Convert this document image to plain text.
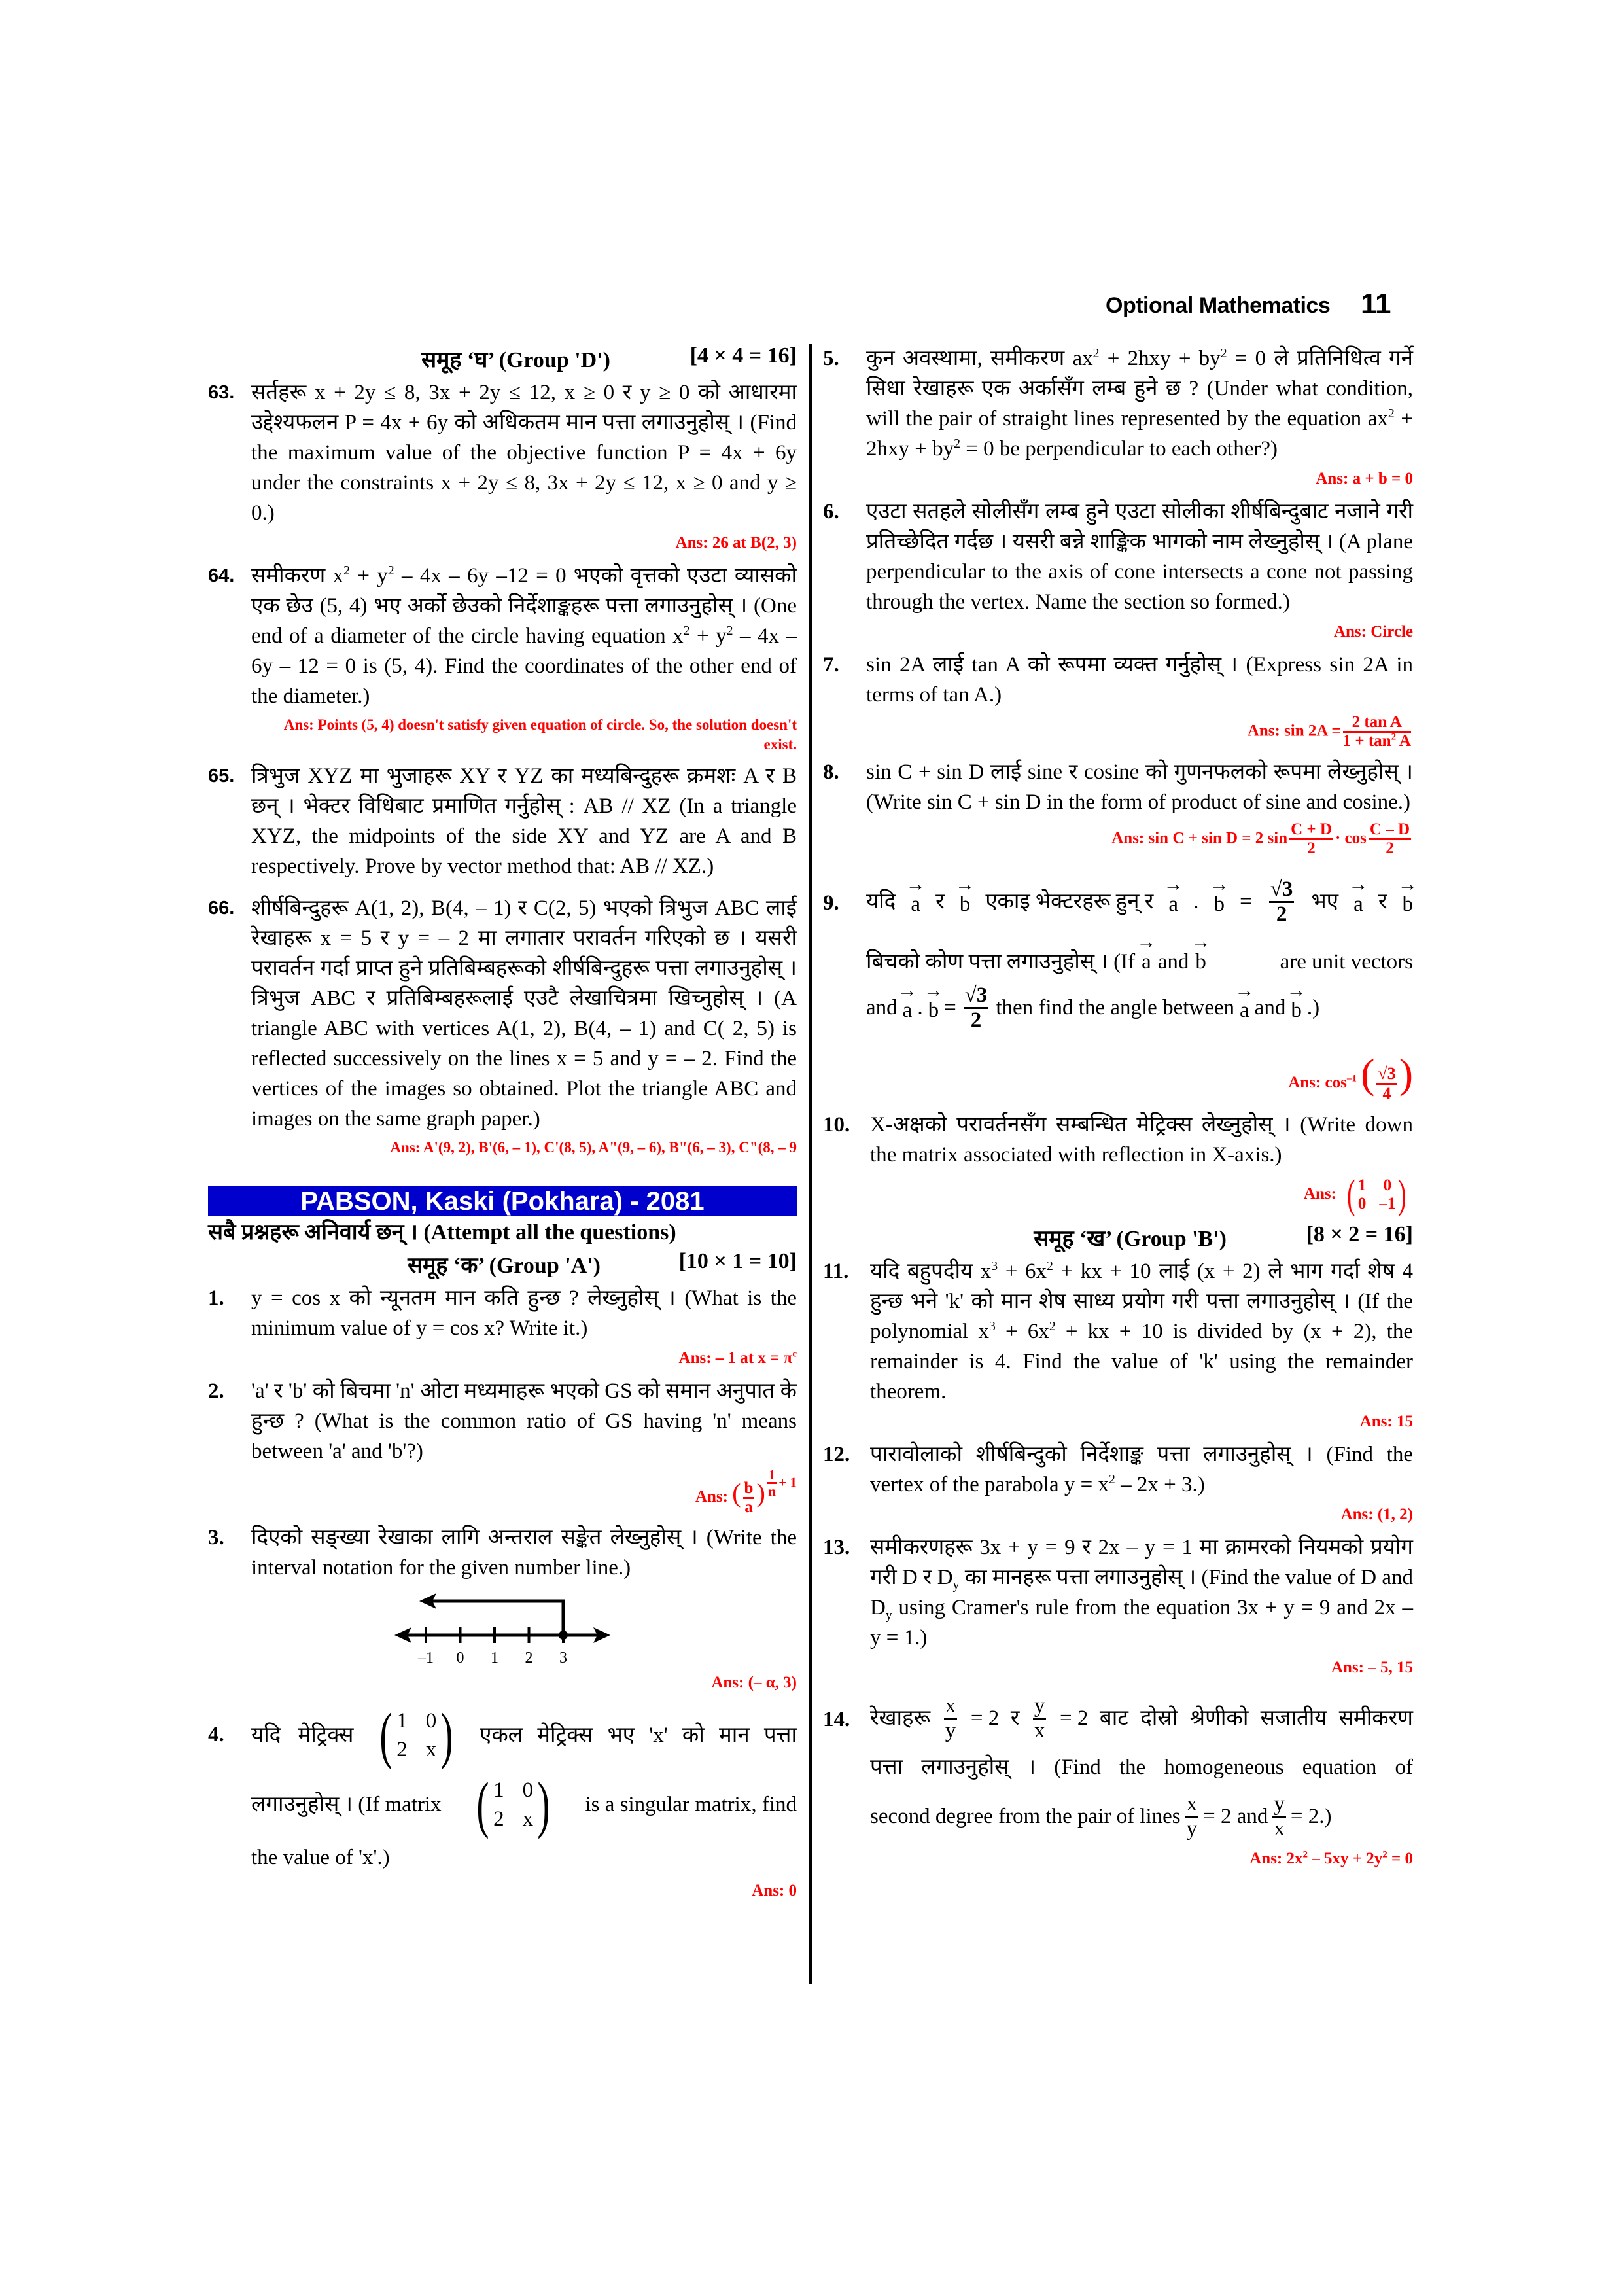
Optional Mathematics 11
समूह ‘घ’ (Group 'D')	[4 × 4 = 16]
63. सर्तहरू x + 2y ≤ 8, 3x + 2y ≤ 12, x ≥ 0 र y ≥ 0 को आधारमा उद्देश्यफलन P = 4x + 6y को अधिकतम मान पत्ता लगाउनुहोस् । (Find the maximum value of the objective function P = 4x + 6y under the constraints x + 2y ≤ 8, 3x + 2y ≤ 12, x ≥ 0 and y ≥ 0.)
Ans: 26 at B(2, 3)
64. समीकरण $x^2 + y^2 - 4x - 6y$ –12 = 0 भएको वृत्तको एउटा व्यासको एक छेउ (5, 4) भए अर्को छेउको निर्देशाङ्कहरू पत्ता लगाउनुहोस् । (One end of a diameter of the circle having equation $x^2 + y^2 - 4x - 6y - 12 = 0$ is (5, 4). Find the coordinates of the other end of the diameter.)
Ans: Points (5, 4) doesn't satisfy given equation of circle. So, the solution doesn't exist.
65. त्रिभुज XYZ मा भुजाहरू XY र YZ का मध्यबिन्दुहरू क्रमशः A र B छन् । भेक्टर विधिबाट प्रमाणित गर्नुहोस् : AB // XZ (In a triangle XYZ, the midpoints of the side XY and YZ are A and B respectively. Prove by vector method that: AB // XZ.)
66. शीर्षबिन्दुहरू A(1, 2), B(4, – 1) र C(2, 5) भएको त्रिभुज ABC लाई रेखाहरू x = 5 र y = – 2 मा लगातार परावर्तन गरिएको छ । यसरी परावर्तन गर्दा प्राप्त हुने प्रतिबिम्बहरूको शीर्षबिन्दुहरू पत्ता लगाउनुहोस् । त्रिभुज ABC र प्रतिबिम्बहरूलाई एउटै लेखाचित्रमा खिच्नुहोस् । (A triangle ABC with vertices A(1, 2), B(4, – 1) and C( 2, 5) is reflected successively on the lines x = 5 and y = – 2. Find the vertices of the images so obtained. Plot the triangle ABC and images on the same graph paper.)
Ans: A'(9, 2), B'(6, – 1), C'(8, 5), A"(9, – 6), B"(6, – 3), C"(8, – 9
PABSON, Kaski (Pokhara) - 2081
सबै प्रश्नहरू अनिवार्य छन् । (Attempt all the questions)
समूह ‘क’ (Group 'A')	[10 × 1 = 10]
1. y = cos x को न्यूनतम मान कति हुन्छ ? लेख्नुहोस् । (What is the minimum value of y = cos x? Write it.)
Ans: – 1 at $x = \pi^c$
2. 'a' र 'b' को बिचमा 'n' ओटा मध्यमाहरू भएको GS को समान अनुपात के हुन्छ ? (What is the common ratio of GS having 'n' means between 'a' and 'b'?)
Ans: ( $\frac{b}{a}$ ) $\frac{1}{n} + 1$
3. दिएको सङ्ख्या रेखाका लागि अन्तराल सङ्केत लेख्नुहोस् । (Write the interval notation for the given number line.)
–1 0 1 2 3
Ans: (– α, 3)
4. यदि मेट्रिक्स ( 1 0
2 x ) एकल मेट्रिक्स भए 'x' को मान पत्ता
लगाउनुहोस् । (If matrix ( 1 0
2 x ) is a singular matrix, find
the value of 'x'.)
Ans: 0
5. कुन अवस्थामा, समीकरण $ax^2 + 2hxy + by^2 = 0$ ले प्रतिनिधित्व गर्ने सिधा रेखाहरू एक अर्कासँग लम्ब हुने छ ? (Under what condition, will the pair of straight lines represented by the equation $ax^2 + 2hxy + by^2 = 0$ be perpendicular to each other?)
Ans: a + b = 0
6. एउटा सतहले सोलीसँग लम्ब हुने एउटा सोलीका शीर्षबिन्दुबाट नजाने गरी प्रतिच्छेदित गर्दछ । यसरी बन्ने शाङ्किक भागको नाम लेख्नुहोस् । (A plane perpendicular to the axis of cone intersects a cone not passing through the vertex. Name the section so formed.)
Ans: Circle
7. sin 2A लाई tan A को रूपमा व्यक्त गर्नुहोस् । (Express sin 2A in terms of tan A.)
Ans: $\sin 2A = \frac{\text{2 tan A}}{1 + \tan^2 A}$
8. sin C + sin D लाई sine र cosine को गुणनफलको रूपमा लेख्नुहोस् । (Write sin C + sin D in the form of product of sine and cosine.)
Ans: sin C + sin D = 2 $\sin \frac{C + D}{2} \cdot \cos \frac{C - D}{2}$
9. यदि → a र → b एकाइ भेक्टरहरू हुन् र → a . → $b = \frac{√3}{2}$ भए → a र → b
बिचको कोण पत्ता लगाउनुहोस् । (If → a and → b	are unit vectors
and → a . → $b = \frac{√3}{2}$ then find the angle between → a and → b .)
Ans: $\cos^{-1}$ ( $\frac{√3}{4}$ )
10. X-अक्षको परावर्तनसँग सम्बन्धित मेट्रिक्स लेख्नुहोस् । (Write down the matrix associated with reflection in X-axis.)
Ans: ( 1 0
0 –1 )
समूह ‘ख’ (Group 'B')	[8 × 2 = 16]
11. यदि बहुपदीय $x^3 + 6x^2$ + kx + 10 लाई (x + 2) ले भाग गर्दा शेष 4 हुन्छ भने 'k' को मान शेष साध्य प्रयोग गरी पत्ता लगाउनुहोस् । (If the polynomial $x^3 + 6x^2$ + kx + 10 is divided by (x + 2), the remainder is 4. Find the value of 'k' using the remainder theorem.
Ans: 15
12. पारावोलाको शीर्षबिन्दुको निर्देशाङ्क पत्ता लगाउनुहोस् । (Find the vertex of the parabola $y = x^2 - 2x + 3$.)
Ans: (1, 2)
13. समीकरणहरू 3x + y = 9 र 2x – y = 1 मा क्रामरको नियमको प्रयोग गरी D र $D_y$ का मानहरू पत्ता लगाउनुहोस् । (Find the value of D and $D_y$ using Cramer's rule from the equation 3x + y = 9 and 2x – y = 1.)
Ans: – 5, 15
14. रेखाहरू $\frac{x}{y} = 2$ र $\frac{y}{x} = 2$ बाट दोस्रो श्रेणीको सजातीय समीकरण
पत्ता लगाउनुहोस् । (Find the homogeneous equation of
second degree from the pair of lines $\frac{x}{y} = 2$ and $\frac{y}{x} = 2$.)
Ans: $2x^2 - 5xy + 2y^2 = 0$
